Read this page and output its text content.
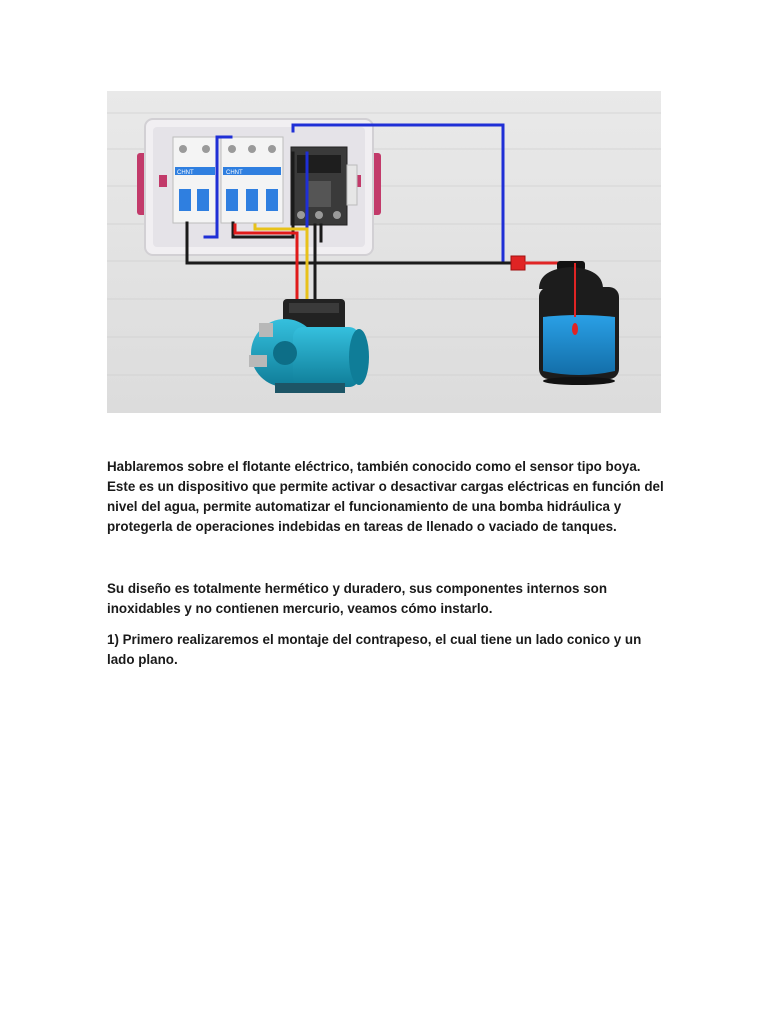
CHNT	CHNT

Hablaremos sobre el flotante eléctrico, también conocido como el sensor tipo boya. Este es un dispositivo que permite activar o desactivar cargas eléctricas en función del nivel del agua, permite automatizar el funcionamiento de una bomba hidráulica y protegerla de operaciones indebidas en tareas de llenado o vaciado de tanques.

Su diseño es totalmente hermético y duradero, sus componentes internos son inoxidables y no contienen mercurio, veamos cómo instarlo.

1) Primero realizaremos el montaje del contrapeso, el cual tiene un lado conico y un lado plano.
